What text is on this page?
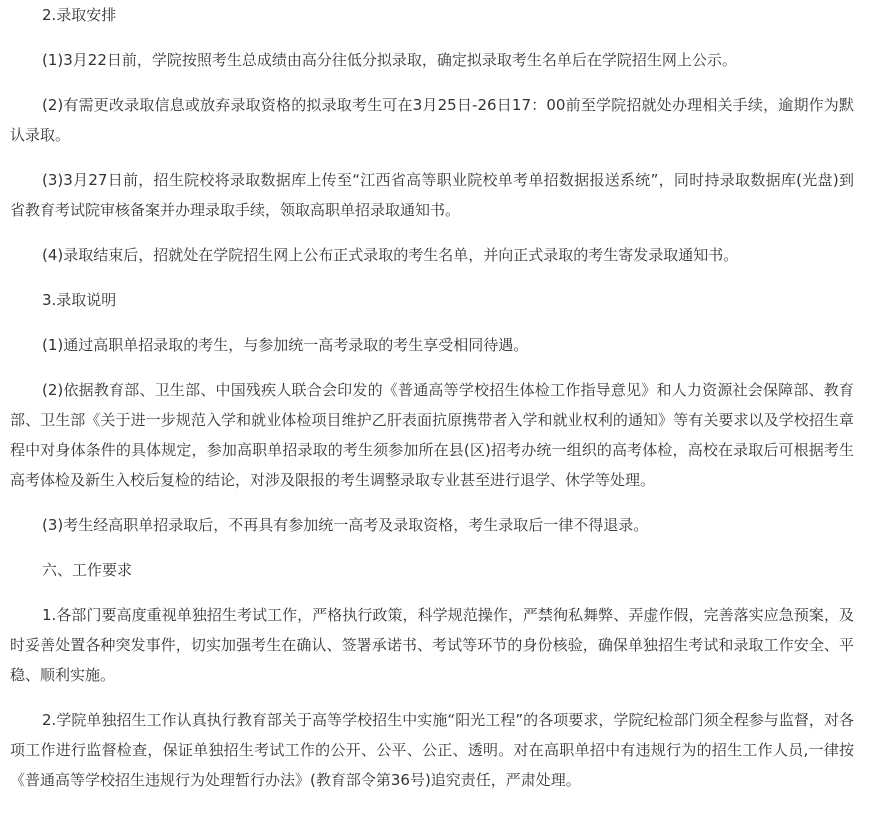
2.录取安排

(1)3月22日前，学院按照考生总成绩由高分往低分拟录取，确定拟录取考生名单后在学院招生网上公示。

(2)有需更改录取信息或放弃录取资格的拟录取考生可在3月25日-26日17：00前至学院招就处办理相关手续，逾期作为默认录取。

(3)3月27日前，招生院校将录取数据库上传至“江西省高等职业院校单考单招数据报送系统”，同时持录取数据库(光盘)到省教育考试院审核备案并办理录取手续，领取高职单招录取通知书。

(4)录取结束后，招就处在学院招生网上公布正式录取的考生名单，并向正式录取的考生寄发录取通知书。

3.录取说明

(1)通过高职单招录取的考生，与参加统一高考录取的考生享受相同待遇。

(2)依据教育部、卫生部、中国残疾人联合会印发的《普通高等学校招生体检工作指导意见》和人力资源社会保障部、教育部、卫生部《关于进一步规范入学和就业体检项目维护乙肝表面抗原携带者入学和就业权利的通知》等有关要求以及学校招生章程中对身体条件的具体规定，参加高职单招录取的考生须参加所在县(区)招考办统一组织的高考体检，高校在录取后可根据考生高考体检及新生入校后复检的结论，对涉及限报的考生调整录取专业甚至进行退学、休学等处理。

(3)考生经高职单招录取后，不再具有参加统一高考及录取资格，考生录取后一律不得退录。

六、工作要求

1.各部门要高度重视单独招生考试工作，严格执行政策，科学规范操作，严禁徇私舞弊、弄虚作假，完善落实应急预案，及时妥善处置各种突发事件，切实加强考生在确认、签署承诺书、考试等环节的身份核验，确保单独招生考试和录取工作安全、平稳、顺利实施。

2.学院单独招生工作认真执行教育部关于高等学校招生中实施“阳光工程”的各项要求，学院纪检部门须全程参与监督，对各项工作进行监督检查，保证单独招生考试工作的公开、公平、公正、透明。对在高职单招中有违规行为的招生工作人员,一律按《普通高等学校招生违规行为处理暂行办法》(教育部令第36号)追究责任，严肃处理。
